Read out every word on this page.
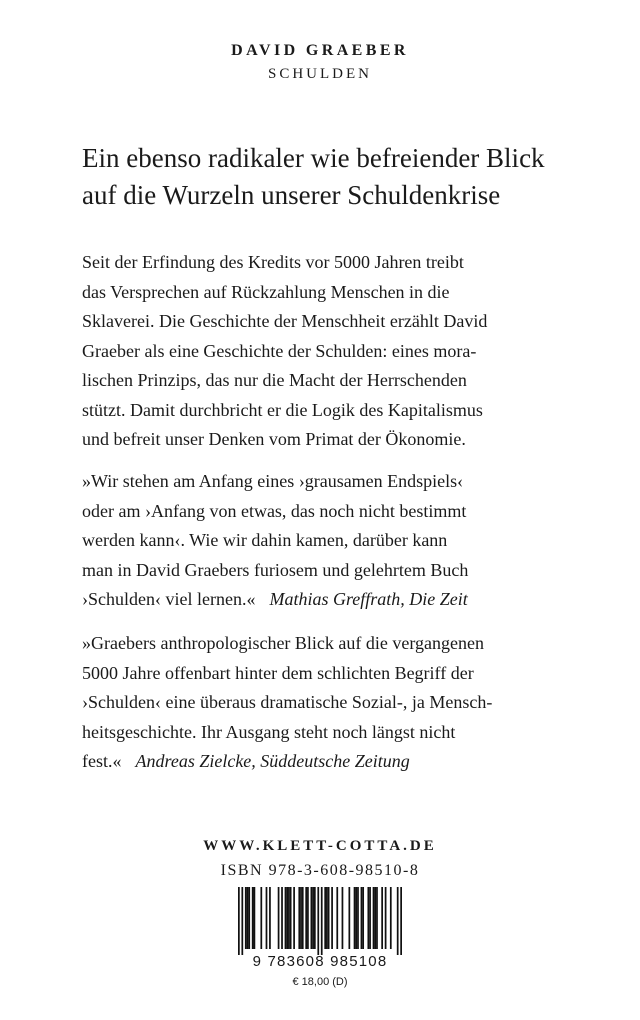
DAVID GRAEBER
SCHULDEN
Ein ebenso radikaler wie befreiender Blick
auf die Wurzeln unserer Schuldenkrise

Seit der Erfindung des Kredits vor 5000 Jahren treibt

das Versprechen auf Rückzahlung Menschen in die

Sklaverei. Die Geschichte der Menschheit erzählt David

Graeber als eine Geschichte der Schulden: eines mora-

lischen Prinzips, das nur die Macht der Herrschenden

stützt. Damit durchbricht er die Logik des Kapitalismus

und befreit unser Denken vom Primat der Ökonomie.

»Wir stehen am Anfang eines ›grausamen Endspiels‹

oder am ›Anfang von etwas, das noch nicht bestimmt

werden kann‹. Wie wir dahin kamen, darüber kann

man in David Graebers furiosem und gelehrtem Buch

›Schulden‹ viel lernen.« Mathias Greffrath, Die Zeit

»Graebers anthropologischer Blick auf die vergangenen

5000 Jahre offenbart hinter dem schlichten Begriff der

›Schulden‹ eine überaus dramatische Sozial-, ja Mensch-

heitsgeschichte. Ihr Ausgang steht noch längst nicht

fest.« Andreas Zielcke, Süddeutsche Zeitung

WWW.KLETT-COTTA.DE
ISBN 978-3-608-98510-8
9 783608 985108
€ 18,00 (D)
